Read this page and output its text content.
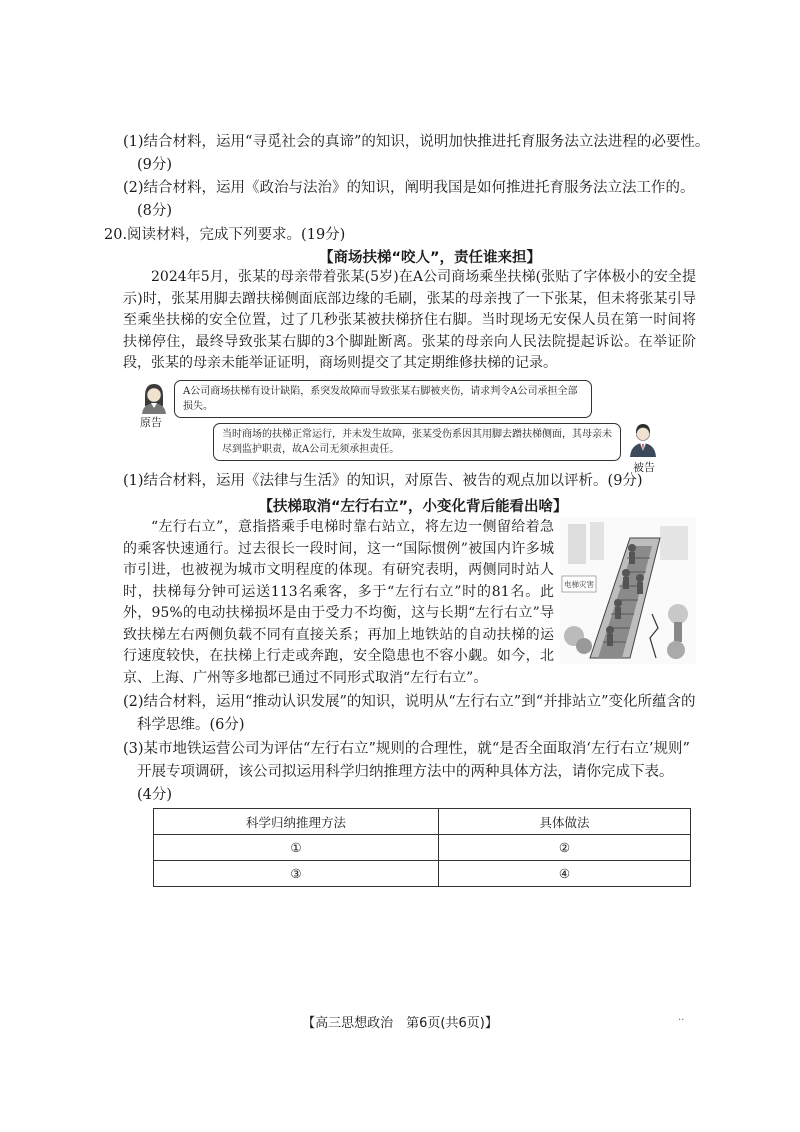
(1)结合材料，运用“寻觅社会的真谛”的知识，说明加快推进托育服务法立法进程的必要性。
(9分)
(2)结合材料，运用《政治与法治》的知识，阐明我国是如何推进托育服务法立法工作的。
(8分)
20.阅读材料，完成下列要求。(19分)
【商场扶梯“咬人”，责任谁来担】
2024年5月，张某的母亲带着张某(5岁)在A公司商场乘坐扶梯(张贴了字体极小的安全提示)时，张某用脚去蹭扶梯侧面底部边缘的毛刷，张某的母亲拽了一下张某，但未将张某引导至乘坐扶梯的安全位置，过了几秒张某被扶梯挤住右脚。当时现场无安保人员在第一时间将扶梯停住，最终导致张某右脚的3个脚趾断离。张某的母亲向人民法院提起诉讼。在举证阶段，张某的母亲未能举证证明，商场则提交了其定期维修扶梯的记录。
原告
A公司商场扶梯有设计缺陷，系突发故障而导致张某右脚被夹伤，请求判令A公司承担全部损失。
当时商场的扶梯正常运行，并未发生故障，张某受伤系因其用脚去蹭扶梯侧面，其母亲未尽到监护职责，故A公司无须承担责任。
被告
(1)结合材料，运用《法律与生活》的知识，对原告、被告的观点加以评析。(9分)
【扶梯取消“左行右立”，小变化背后能看出啥】
“左行右立”，意指搭乘手电梯时靠右站立，将左边一侧留给着急的乘客快速通行。过去很长一段时间，这一“国际惯例”被国内许多城市引进，也被视为城市文明程度的体现。有研究表明，两侧同时站人时，扶梯每分钟可运送113名乘客，多于“左行右立”时的81名。此外，95%的电动扶梯损坏是由于受力不均衡，这与长期“左行右立”导致扶梯左右两侧负载不同有直接关系；再加上地铁站的自动扶梯的运行速度较快，在扶梯上行走或奔跑，安全隐患也不容小觑。如今，北京、上海、广州等多地都已通过不同形式取消“左行右立”。
电梯灾害
(2)结合材料，运用“推动认识发展”的知识，说明从“左行右立”到“并排站立”变化所蕴含的
科学思维。(6分)
(3)某市地铁运营公司为评估“左行右立”规则的合理性，就“是否全面取消‘左行右立’规则”
开展专项调研，该公司拟运用科学归纳推理方法中的两种具体方法，请你完成下表。
(4分)
科学归纳推理方法	具体做法
①	②
③	④
【高三思想政治　第6页(共6页)】	..
